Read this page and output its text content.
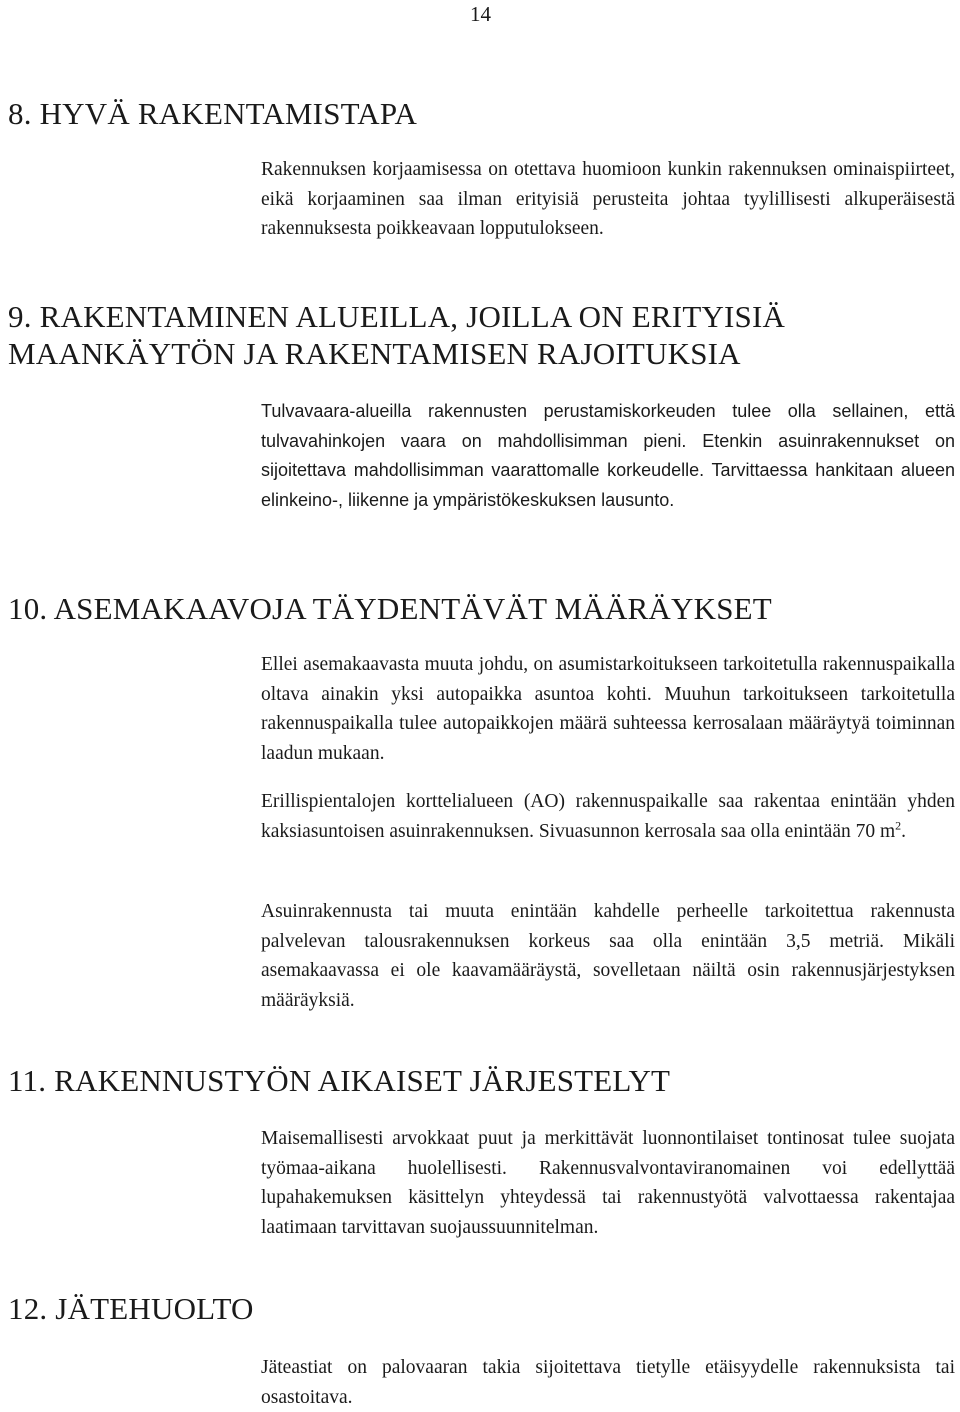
14
8. HYVÄ RAKENTAMISTAPA

Rakennuksen korjaamisessa on otettava huomioon kunkin rakennuksen ominaispiirteet, eikä korjaaminen saa ilman erityisiä perusteita johtaa tyylillisesti alkuperäisestä rakennuksesta poikkeavaan lopputulokseen.

9. RAKENTAMINEN ALUEILLA, JOILLA ON ERITYISIÄ
MAANKÄYTÖN JA RAKENTAMISEN RAJOITUKSIA

Tulvavaara-alueilla rakennusten perustamiskorkeuden tulee olla sellainen, että tulvavahinkojen vaara on mahdollisimman pieni. Etenkin asuinrakennukset on sijoitettava mahdollisimman vaarattomalle korkeudelle. Tarvittaessa hankitaan alueen elinkeino-, liikenne ja ympäristökeskuksen lausunto.

10. ASEMAKAAVOJA TÄYDENTÄVÄT MÄÄRÄYKSET

Ellei asemakaavasta muuta johdu, on asumistarkoitukseen tarkoitetulla rakennuspaikalla oltava ainakin yksi autopaikka asuntoa kohti. Muuhun tarkoitukseen tarkoitetulla rakennuspaikalla tulee autopaikkojen määrä suhteessa kerrosalaan määräytyä toiminnan laadun mukaan.

Erillispientalojen korttelialueen (AO) rakennuspaikalle saa rakentaa enintään yhden kaksiasuntoisen asuinrakennuksen. Sivuasunnon kerrosala saa olla enintään 70 $m^2$.

Asuinrakennusta tai muuta enintään kahdelle perheelle tarkoitettua rakennusta palvelevan talousrakennuksen korkeus saa olla enintään 3,5 metriä. Mikäli asemakaavassa ei ole kaavamääräystä, sovelletaan näiltä osin rakennusjärjestyksen määräyksiä.

11. RAKENNUSTYÖN AIKAISET JÄRJESTELYT

Maisemallisesti arvokkaat puut ja merkittävät luonnontilaiset tontinosat tulee suojata työmaa-aikana huolellisesti. Rakennusvalvontaviranomainen voi edellyttää lupahakemuksen käsittelyn yhteydessä tai rakennustyötä valvottaessa rakentajaa laatimaan tarvittavan suojaussuunnitelman.

12. JÄTEHUOLTO

Jäteastiat on palovaaran takia sijoitettava tietylle etäisyydelle rakennuksista tai osastoitava.
